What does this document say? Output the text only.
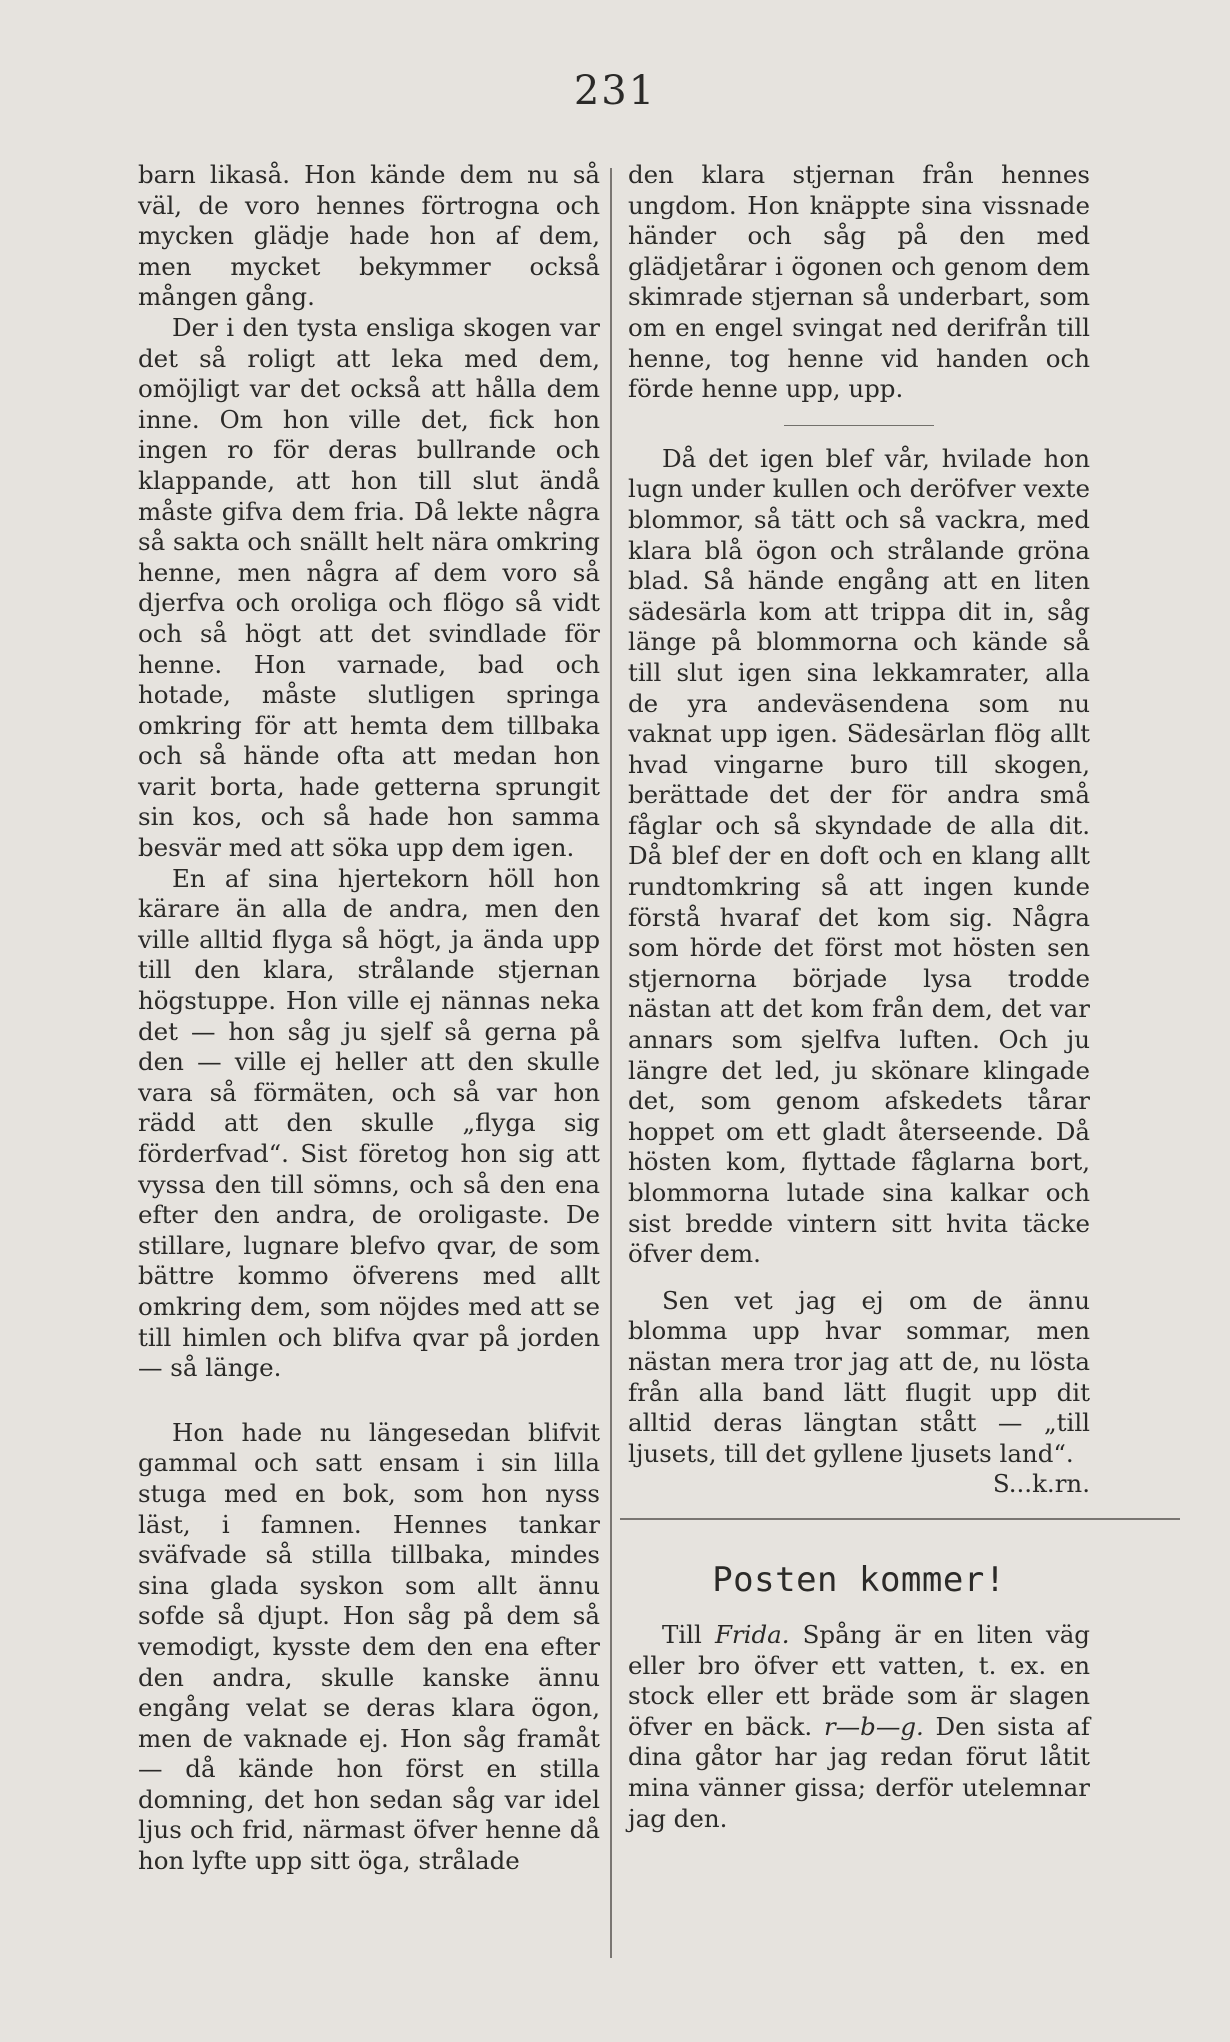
231

barn likaså. Hon kände dem nu så väl, de voro hennes förtrogna och mycken glädje hade hon af dem, men mycket bekymmer också mången gång.

Der i den tysta ensliga skogen var det så roligt att leka med dem, omöjligt var det också att hålla dem inne. Om hon ville det, fick hon ingen ro för deras bullrande och klappande, att hon till slut ändå måste gifva dem fria. Då lekte några så sakta och snällt helt nära omkring henne, men några af dem voro så djerfva och oroliga och flögo så vidt och så högt att det svindlade för henne. Hon varnade, bad och hotade, måste slutligen springa omkring för att hemta dem tillbaka och så hände ofta att medan hon varit borta, hade getterna sprungit sin kos, och så hade hon samma besvär med att söka upp dem igen.

En af sina hjertekorn höll hon kärare än alla de andra, men den ville alltid flyga så högt, ja ända upp till den klara, strålande stjernan högstuppe. Hon ville ej nännas neka det — hon såg ju sjelf så gerna på den — ville ej heller att den skulle vara så förmäten, och så var hon rädd att den skulle „flyga sig förderfvad“. Sist företog hon sig att vyssa den till sömns, och så den ena efter den andra, de oroligaste. De stillare, lugnare blefvo qvar, de som bättre kommo öfverens med allt omkring dem, som nöjdes med att se till himlen och blifva qvar på jorden — så länge.

Hon hade nu längesedan blifvit gammal och satt ensam i sin lilla stuga med en bok, som hon nyss läst, i famnen. Hennes tankar sväfvade så stilla tillbaka, mindes sina glada syskon som allt ännu sofde så djupt. Hon såg på dem så vemodigt, kysste dem den ena efter den andra, skulle kanske ännu engång velat se deras klara ögon, men de vaknade ej. Hon såg framåt — då kände hon först en stilla domning, det hon sedan såg var idel ljus och frid, närmast öfver henne då hon lyfte upp sitt öga, strålade

den klara stjernan från hennes ungdom. Hon knäppte sina vissnade händer och såg på den med glädjetårar i ögonen och genom dem skimrade stjernan så underbart, som om en engel svingat ned derifrån till henne, tog henne vid handen och förde henne upp, upp.

Då det igen blef vår, hvilade hon lugn under kullen och deröfver vexte blommor, så tätt och så vackra, med klara blå ögon och strålande gröna blad. Så hände engång att en liten sädesärla kom att trippa dit in, såg länge på blommorna och kände så till slut igen sina lekkamrater, alla de yra andeväsendena som nu vaknat upp igen. Sädesärlan flög allt hvad vingarne buro till skogen, berättade det der för andra små fåglar och så skyndade de alla dit. Då blef der en doft och en klang allt rundtomkring så att ingen kunde förstå hvaraf det kom sig. Några som hörde det först mot hösten sen stjernorna började lysa trodde nästan att det kom från dem, det var annars som sjelfva luften. Och ju längre det led, ju skönare klingade det, som genom afskedets tårar hoppet om ett gladt återseende. Då hösten kom, flyttade fåglarna bort, blommorna lutade sina kalkar och sist bredde vintern sitt hvita täcke öfver dem.

Sen vet jag ej om de ännu blomma upp hvar sommar, men nästan mera tror jag att de, nu lösta från alla band lätt flugit upp dit alltid deras längtan stått — „till ljusets, till det gyllene ljusets land“.

S...k.rn.

Posten kommer!

Till Frida. Spång är en liten väg eller bro öfver ett vatten, t. ex. en stock eller ett bräde som är slagen öfver en bäck. r—b—g. Den sista af dina gåtor har jag redan förut låtit mina vänner gissa; derför utelemnar jag den.
